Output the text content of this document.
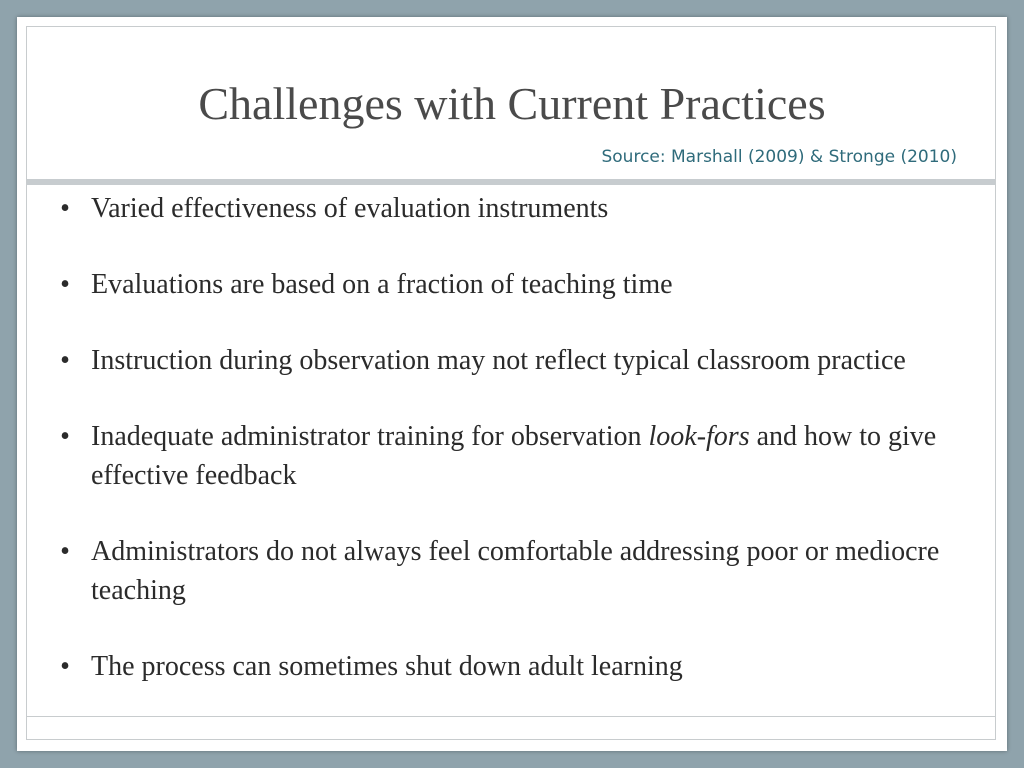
Challenges with Current Practices
Source: Marshall (2009) & Stronge (2010)
• Varied effectiveness of evaluation instruments
• Evaluations are based on a fraction of teaching time
• Instruction during observation may not reflect typical classroom practice
• Inadequate administrator training for observation look-fors and how to give effective feedback
• Administrators do not always feel comfortable addressing poor or mediocre teaching
• The process can sometimes shut down adult learning
